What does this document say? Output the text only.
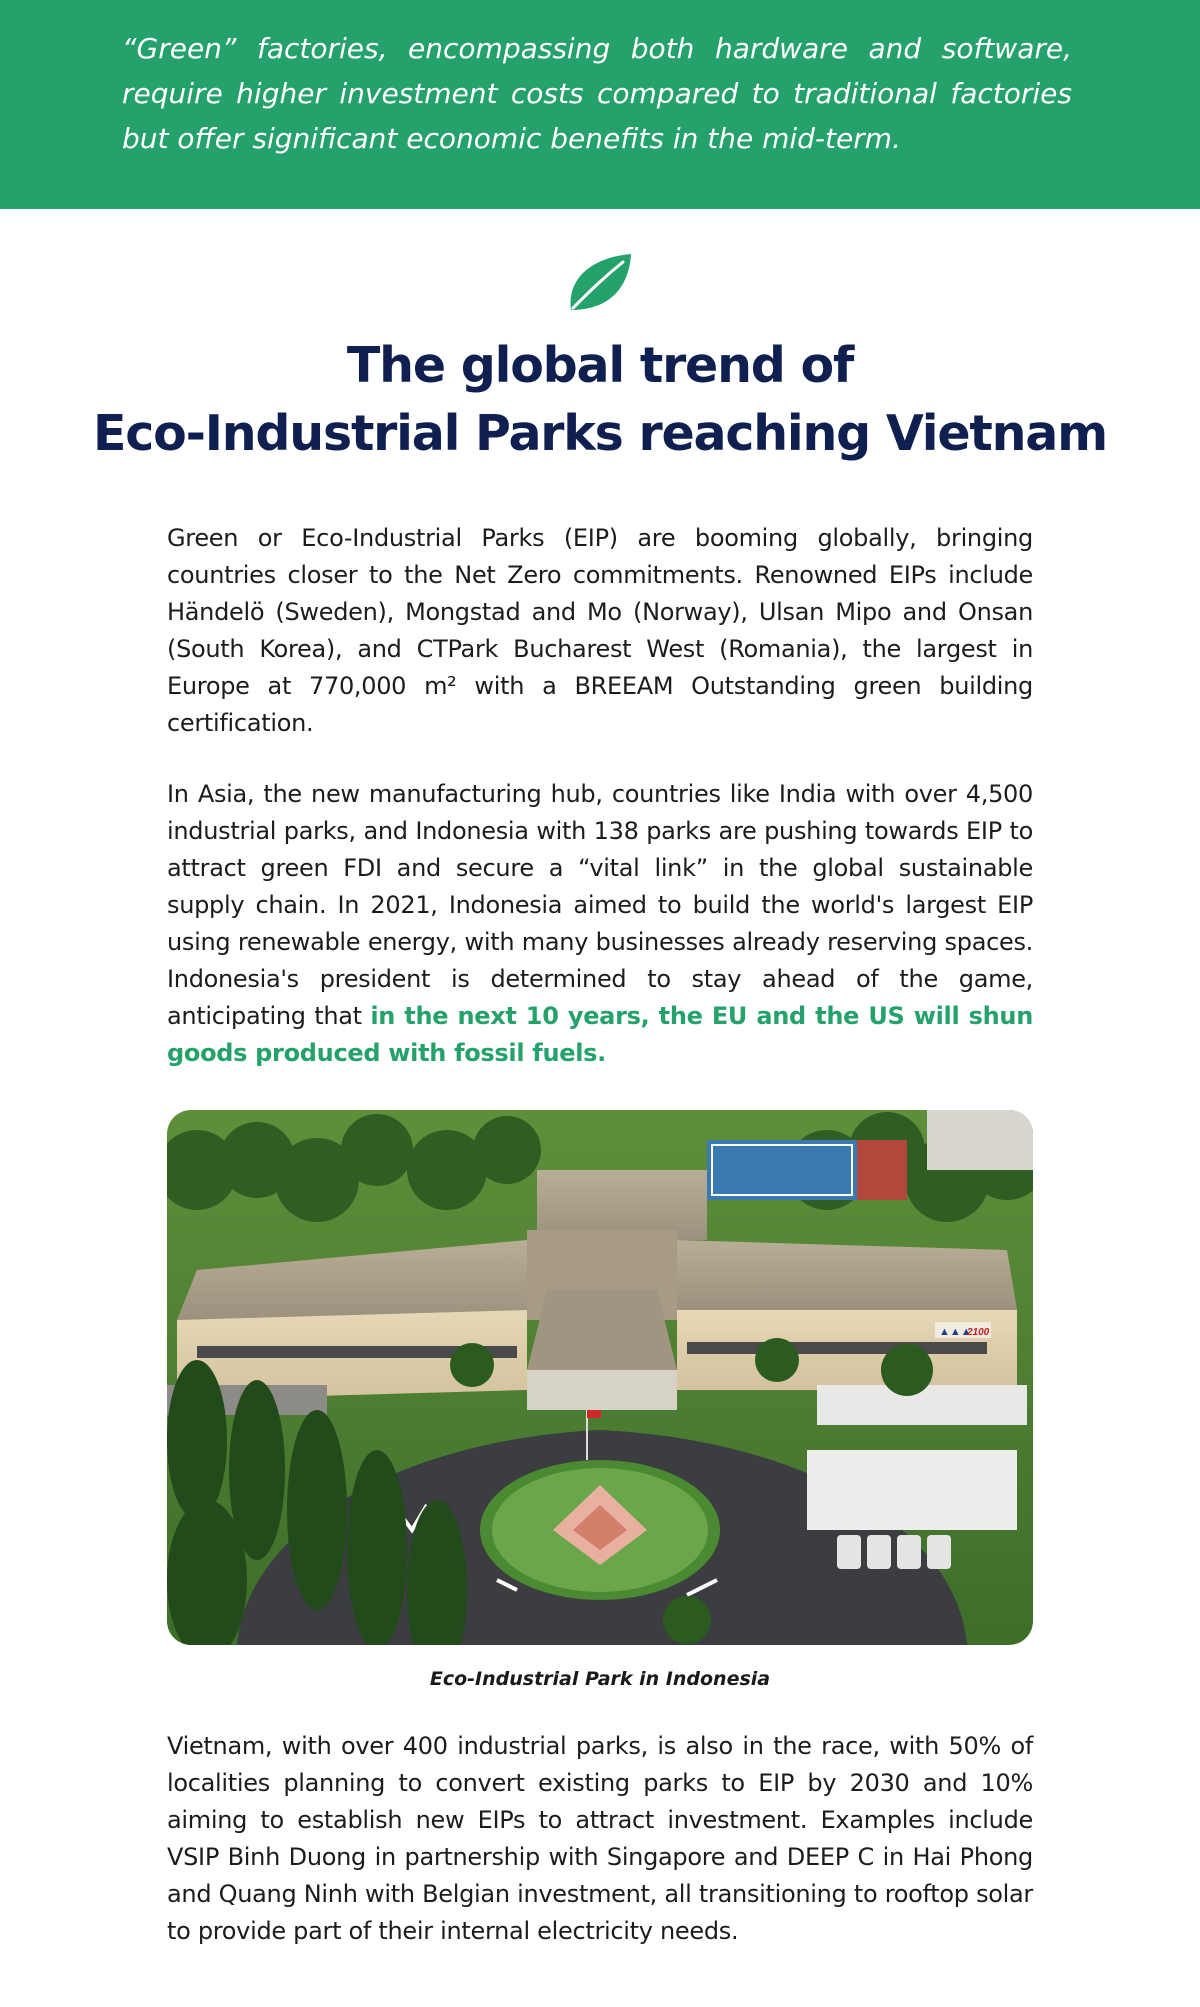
“Green” factories, encompassing both hardware and software, require higher investment costs compared to traditional factories but offer significant economic benefits in the mid-term.

The global trend of
Eco-Industrial Parks reaching Vietnam

Green or Eco-Industrial Parks (EIP) are booming globally, bringing countries closer to the Net Zero commitments. Renowned EIPs include Händelö (Sweden), Mongstad and Mo (Norway), Ulsan Mipo and Onsan (South Korea), and CTPark Bucharest West (Romania), the largest in Europe at 770,000 m² with a BREEAM Outstanding green building certification.

In Asia, the new manufacturing hub, countries like India with over 4,500 industrial parks, and Indonesia with 138 parks are pushing towards EIP to attract green FDI and secure a “vital link” in the global sustainable supply chain. In 2021, Indonesia aimed to build the world's largest EIP using renewable energy, with many businesses already reserving spaces. Indonesia's president is determined to stay ahead of the game, anticipating that in the next 10 years, the EU and the US will shun goods produced with fossil fuels.

▲▲▲
2100

Eco-Industrial Park in Indonesia

Vietnam, with over 400 industrial parks, is also in the race, with 50% of localities planning to convert existing parks to EIP by 2030 and 10% aiming to establish new EIPs to attract investment. Examples include VSIP Binh Duong in partnership with Singapore and DEEP C in Hai Phong and Quang Ninh with Belgian investment, all transitioning to rooftop solar to provide part of their internal electricity needs.
